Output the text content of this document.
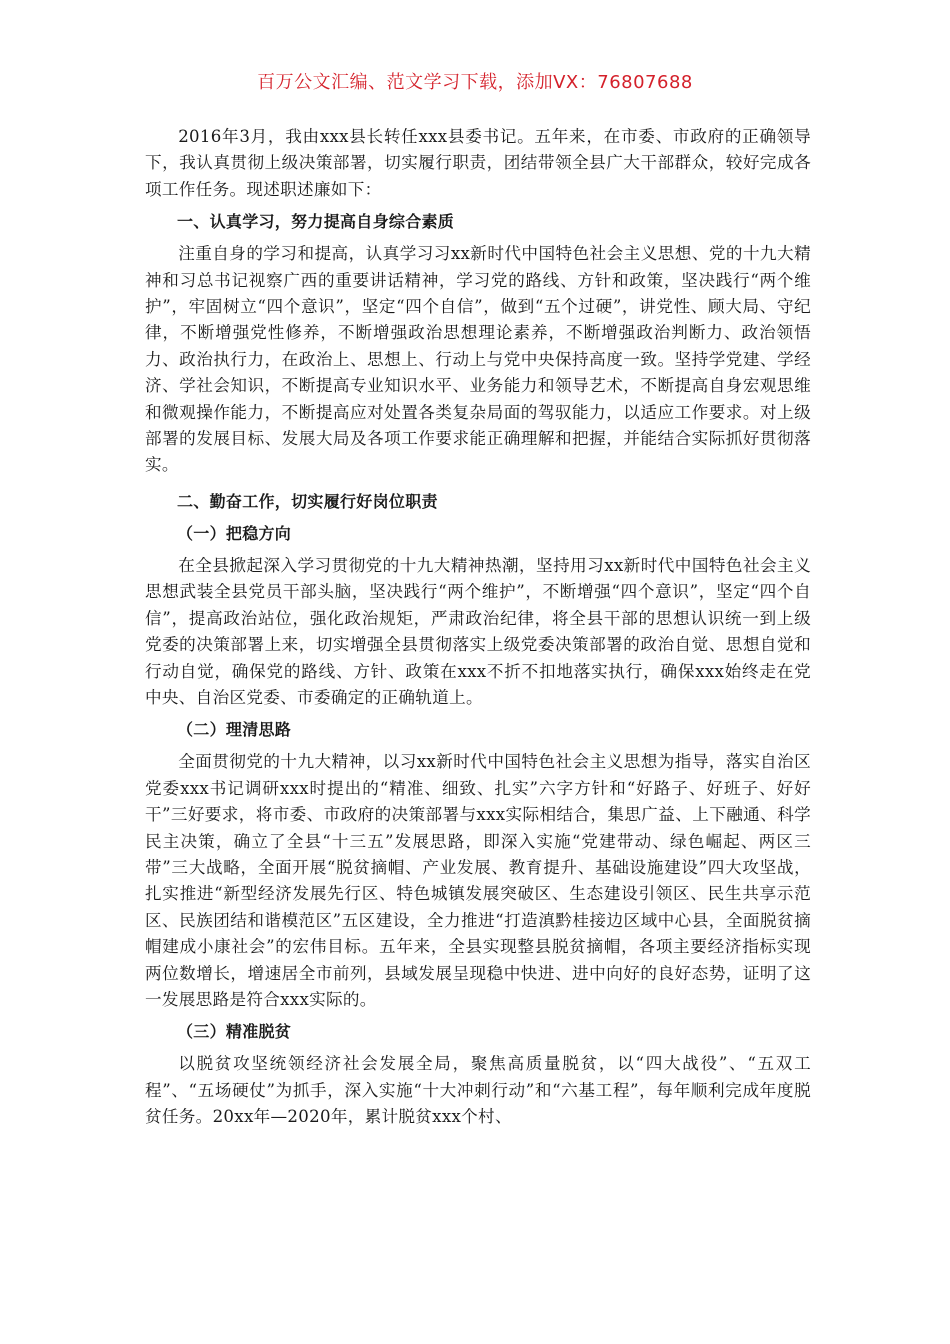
百万公文汇编、范文学习下载，添加VX：76807688

2016年3月，我由xxx县长转任xxx县委书记。五年来，在市委、市政府的正确领导下，我认真贯彻上级决策部署，切实履行职责，团结带领全县广大干部群众，较好完成各项工作任务。现述职述廉如下：

一、认真学习，努力提高自身综合素质

注重自身的学习和提高，认真学习习xx新时代中国特色社会主义思想、党的十九大精神和习总书记视察广西的重要讲话精神，学习党的路线、方针和政策，坚决践行“两个维护”，牢固树立“四个意识”，坚定“四个自信”，做到“五个过硬”，讲党性、顾大局、守纪律，不断增强党性修养，不断增强政治思想理论素养，不断增强政治判断力、政治领悟力、政治执行力，在政治上、思想上、行动上与党中央保持高度一致。坚持学党建、学经济、学社会知识，不断提高专业知识水平、业务能力和领导艺术，不断提高自身宏观思维和微观操作能力，不断提高应对处置各类复杂局面的驾驭能力，以适应工作要求。对上级部署的发展目标、发展大局及各项工作要求能正确理解和把握，并能结合实际抓好贯彻落实。

二、勤奋工作，切实履行好岗位职责
（一）把稳方向

在全县掀起深入学习贯彻党的十九大精神热潮，坚持用习xx新时代中国特色社会主义思想武装全县党员干部头脑，坚决践行“两个维护”，不断增强“四个意识”，坚定“四个自信”，提高政治站位，强化政治规矩，严肃政治纪律，将全县干部的思想认识统一到上级党委的决策部署上来，切实增强全县贯彻落实上级党委决策部署的政治自觉、思想自觉和行动自觉，确保党的路线、方针、政策在xxx不折不扣地落实执行，确保xxx始终走在党中央、自治区党委、市委确定的正确轨道上。

（二）理清思路

全面贯彻党的十九大精神，以习xx新时代中国特色社会主义思想为指导，落实自治区党委xxx书记调研xxx时提出的“精准、细致、扎实”六字方针和“好路子、好班子、好好干”三好要求，将市委、市政府的决策部署与xxx实际相结合，集思广益、上下融通、科学民主决策，确立了全县“十三五”发展思路，即深入实施“党建带动、绿色崛起、两区三带”三大战略，全面开展“脱贫摘帽、产业发展、教育提升、基础设施建设”四大攻坚战，扎实推进“新型经济发展先行区、特色城镇发展突破区、生态建设引领区、民生共享示范区、民族团结和谐模范区”五区建设，全力推进“打造滇黔桂接边区域中心县，全面脱贫摘帽建成小康社会”的宏伟目标。五年来，全县实现整县脱贫摘帽，各项主要经济指标实现两位数增长，增速居全市前列，县域发展呈现稳中快进、进中向好的良好态势，证明了这一发展思路是符合xxx实际的。

（三）精准脱贫

以脱贫攻坚统领经济社会发展全局，聚焦高质量脱贫，以“四大战役”、“五双工程”、“五场硬仗”为抓手，深入实施“十大冲刺行动”和“六基工程”，每年顺利完成年度脱贫任务。20xx年—2020年，累计脱贫xxx个村、
